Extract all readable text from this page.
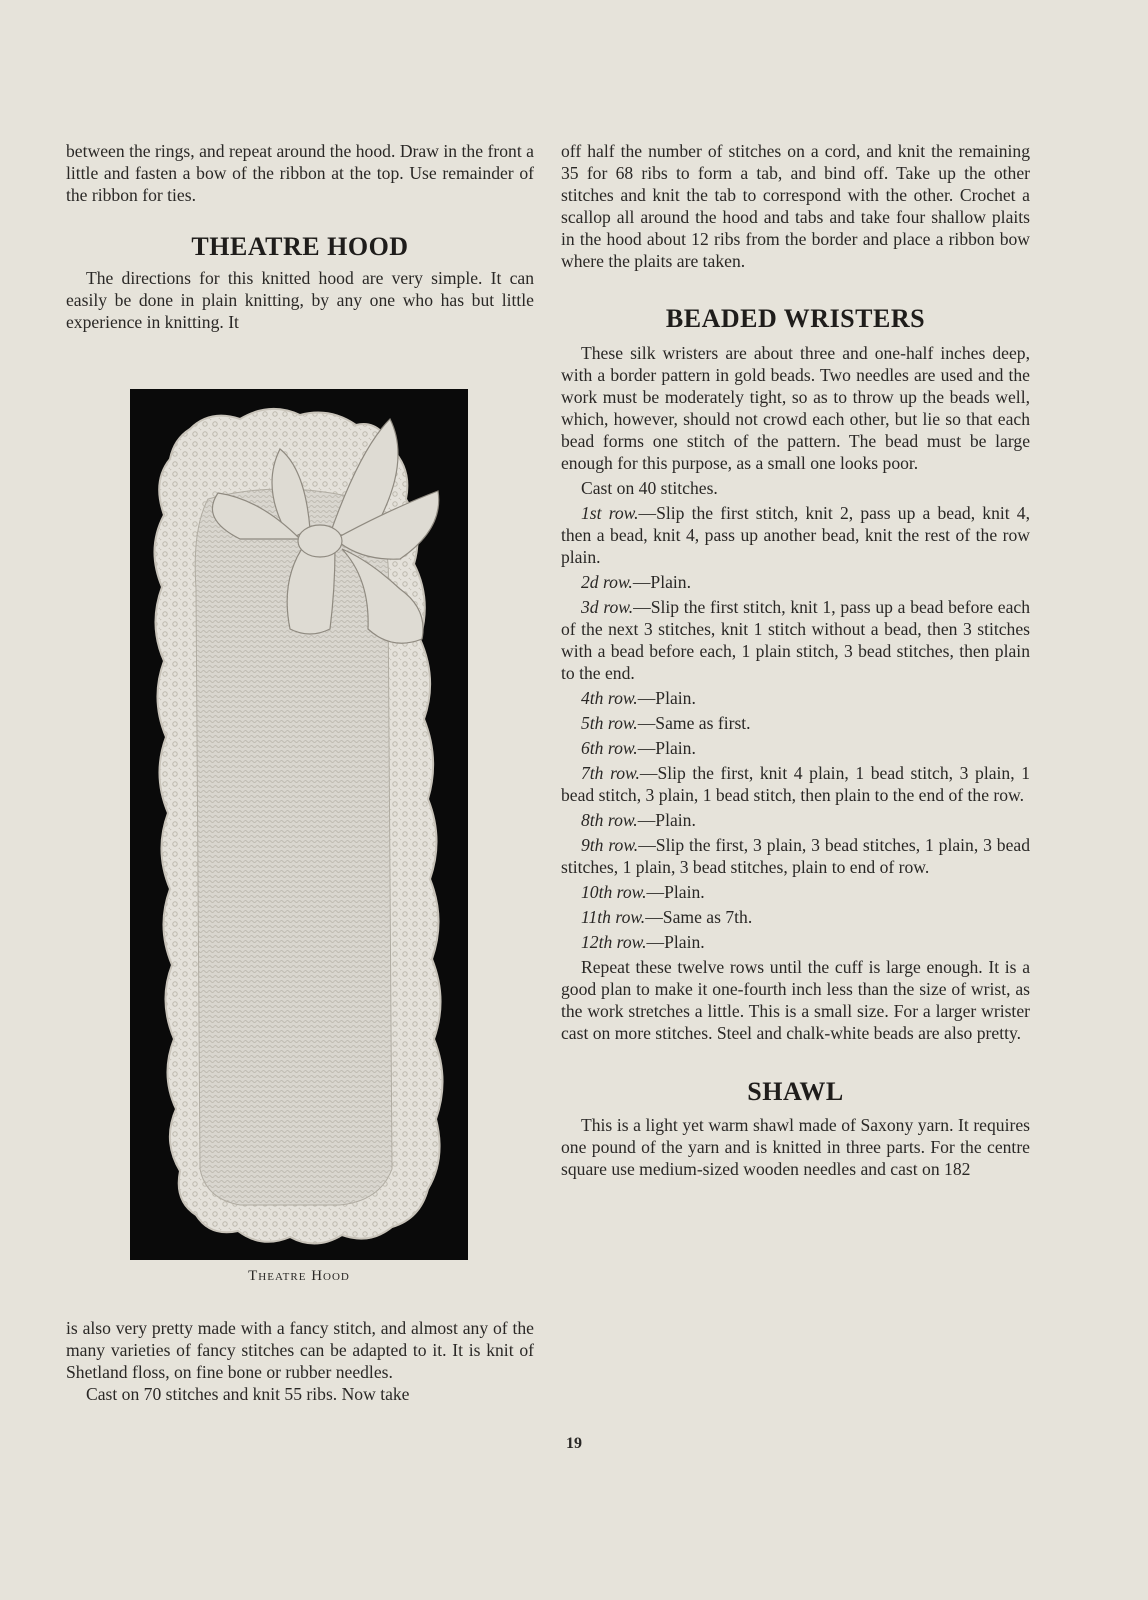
between the rings, and repeat around the hood. Draw in the front a little and fasten a bow of the ribbon at the top. Use remainder of the ribbon for ties.

THEATRE HOOD

The directions for this knitted hood are very simple. It can easily be done in plain knitting, by any one who has but little experience in knitting. It

Theatre Hood

is also very pretty made with a fancy stitch, and almost any of the many varieties of fancy stitches can be adapted to it. It is knit of Shetland floss, on fine bone or rubber needles.

Cast on 70 stitches and knit 55 ribs. Now take

off half the number of stitches on a cord, and knit the remaining 35 for 68 ribs to form a tab, and bind off. Take up the other stitches and knit the tab to correspond with the other. Crochet a scallop all around the hood and tabs and take four shallow plaits in the hood about 12 ribs from the border and place a ribbon bow where the plaits are taken.

BEADED WRISTERS

These silk wristers are about three and one-half inches deep, with a border pattern in gold beads. Two needles are used and the work must be moderately tight, so as to throw up the beads well, which, however, should not crowd each other, but lie so that each bead forms one stitch of the pattern. The bead must be large enough for this purpose, as a small one looks poor.

Cast on 40 stitches.

1st row.—Slip the first stitch, knit 2, pass up a bead, knit 4, then a bead, knit 4, pass up another bead, knit the rest of the row plain.

2d row.—Plain.

3d row.—Slip the first stitch, knit 1, pass up a bead before each of the next 3 stitches, knit 1 stitch without a bead, then 3 stitches with a bead before each, 1 plain stitch, 3 bead stitches, then plain to the end.

4th row.—Plain.

5th row.—Same as first.

6th row.—Plain.

7th row.—Slip the first, knit 4 plain, 1 bead stitch, 3 plain, 1 bead stitch, 3 plain, 1 bead stitch, then plain to the end of the row.

8th row.—Plain.

9th row.—Slip the first, 3 plain, 3 bead stitches, 1 plain, 3 bead stitches, 1 plain, 3 bead stitches, plain to end of row.

10th row.—Plain.

11th row.—Same as 7th.

12th row.—Plain.

Repeat these twelve rows until the cuff is large enough. It is a good plan to make it one-fourth inch less than the size of wrist, as the work stretches a little. This is a small size. For a larger wrister cast on more stitches. Steel and chalk-white beads are also pretty.

SHAWL

This is a light yet warm shawl made of Saxony yarn. It requires one pound of the yarn and is knitted in three parts. For the centre square use medium-sized wooden needles and cast on 182

19
